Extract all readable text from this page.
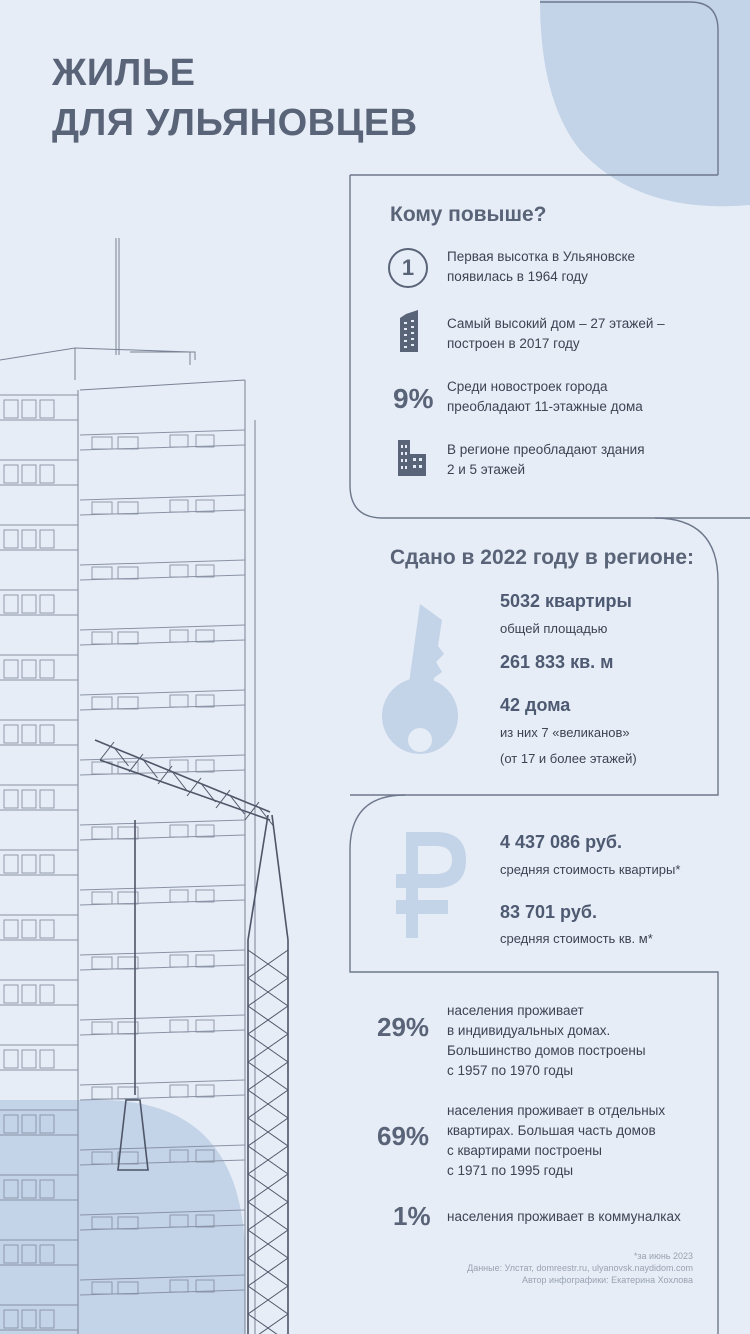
ЖИЛЬЕ
ДЛЯ УЛЬЯНОВЦЕВ
Кому повыше?
1	Первая высотка в Ульяновске
появилась в 1964 году
Самый высокий дом – 27 этажей –
построен в 2017 году
9% Среди новостроек города
преобладают 11-этажные дома
В регионе преобладают здания
2 и 5 этажей
Сдано в 2022 году в регионе:
5032 квартиры
общей площадью
261 833 кв. м
42 дома
из них 7 «великанов»
(от 17 и более этажей)
4 437 086 руб.
средняя стоимость квартиры*
83 701 руб.
средняя стоимость кв. м*
29%
населения проживает
в индивидуальных домах.
Большинство домов построены
с 1957 по 1970 годы
69%
населения проживает в отдельных
квартирах. Большая часть домов
с квартирами построены
с 1971 по 1995 годы
1% населения проживает в коммуналках
*за июнь 2023
Данные: Улстат, domreestr.ru, ulyanovsk.naydidom.com
Автор инфографики: Екатерина Хохлова
